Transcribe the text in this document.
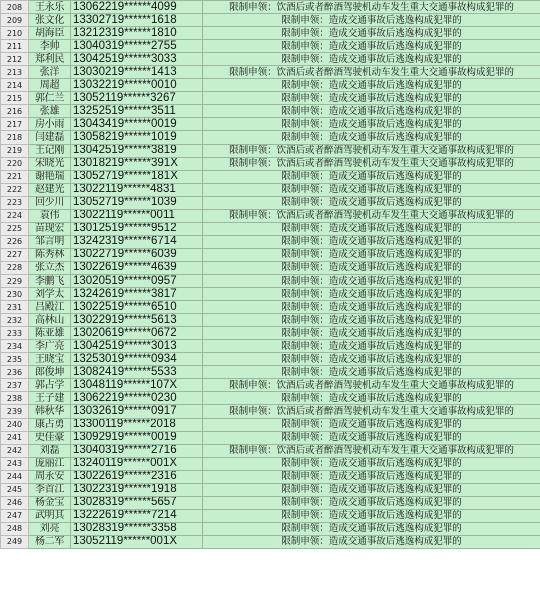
208	王永乐	13062219******4099	限制申领：饮酒后或者醉酒驾驶机动车发生重大交通事故构成犯罪的
209	张文化	13302719******1618	限制申领：造成交通事故后逃逸构成犯罪的
210	胡海臣	13212319******1810	限制申领：造成交通事故后逃逸构成犯罪的
211	李帅	13040319******2755	限制申领：造成交通事故后逃逸构成犯罪的
212	郑利民	13042519******3033	限制申领：造成交通事故后逃逸构成犯罪的
213	张洋	13030219******1413	限制申领：饮酒后或者醉酒驾驶机动车发生重大交通事故构成犯罪的
214	周超	13032219******0010	限制申领：造成交通事故后逃逸构成犯罪的
215	郭仁兰	13052119******3267	限制申领：造成交通事故后逃逸构成犯罪的
216	张雄	13252519******3511	限制申领：造成交通事故后逃逸构成犯罪的
217	房小雨	13043419******0019	限制申领：造成交通事故后逃逸构成犯罪的
218	闫建磊	13058219******1019	限制申领：造成交通事故后逃逸构成犯罪的
219	王记刚	13042519******3819	限制申领：饮酒后或者醉酒驾驶机动车发生重大交通事故构成犯罪的
220	宋晓光	13018219******391X	限制申领：饮酒后或者醉酒驾驶机动车发生重大交通事故构成犯罪的
221	谢艳瑞	13052719******181X	限制申领：造成交通事故后逃逸构成犯罪的
222	赵建光	13022119******4831	限制申领：造成交通事故后逃逸构成犯罪的
223	回少川	13052719******1039	限制申领：造成交通事故后逃逸构成犯罪的
224	袁伟	13022119******0011	限制申领：饮酒后或者醉酒驾驶机动车发生重大交通事故构成犯罪的
225	苗现宏	13012519******9512	限制申领：造成交通事故后逃逸构成犯罪的
226	邹言明	13242319******6714	限制申领：造成交通事故后逃逸构成犯罪的
227	陈秀林	13022719******6039	限制申领：造成交通事故后逃逸构成犯罪的
228	张立杰	13022619******4639	限制申领：造成交通事故后逃逸构成犯罪的
229	李鹏飞	13020519******0957	限制申领：造成交通事故后逃逸构成犯罪的
230	刘学太	13242619******3817	限制申领：造成交通事故后逃逸构成犯罪的
231	吕殿江	13022519******6510	限制申领：造成交通事故后逃逸构成犯罪的
232	高林山	13022919******5613	限制申领：造成交通事故后逃逸构成犯罪的
233	陈亚雄	13020619******0672	限制申领：造成交通事故后逃逸构成犯罪的
234	李广亮	13042519******3013	限制申领：造成交通事故后逃逸构成犯罪的
235	王晓宝	13253019******0934	限制申领：造成交通事故后逃逸构成犯罪的
236	郎俊坤	13082419******5533	限制申领：造成交通事故后逃逸构成犯罪的
237	郭占学	13048119******107X	限制申领：饮酒后或者醉酒驾驶机动车发生重大交通事故构成犯罪的
238	王子建	13062219******0230	限制申领：造成交通事故后逃逸构成犯罪的
239	韩秋华	13032619******0917	限制申领：饮酒后或者醉酒驾驶机动车发生重大交通事故构成犯罪的
240	康占勇	13300119******2018	限制申领：造成交通事故后逃逸构成犯罪的
241	史佳豪	13092919******0019	限制申领：造成交通事故后逃逸构成犯罪的
242	刘磊	13040319******2716	限制申领：饮酒后或者醉酒驾驶机动车发生重大交通事故构成犯罪的
243	庞丽江	13240119******001X	限制申领：造成交通事故后逃逸构成犯罪的
244	周永安	13022619******2316	限制申领：造成交通事故后逃逸构成犯罪的
245	李首江	13022319******1918	限制申领：造成交通事故后逃逸构成犯罪的
246	杨金宝	13028319******5657	限制申领：造成交通事故后逃逸构成犯罪的
247	武明其	13222619******7214	限制申领：造成交通事故后逃逸构成犯罪的
248	刘亮	13028319******3358	限制申领：造成交通事故后逃逸构成犯罪的
249	杨二军	13052119******001X	限制申领：造成交通事故后逃逸构成犯罪的
